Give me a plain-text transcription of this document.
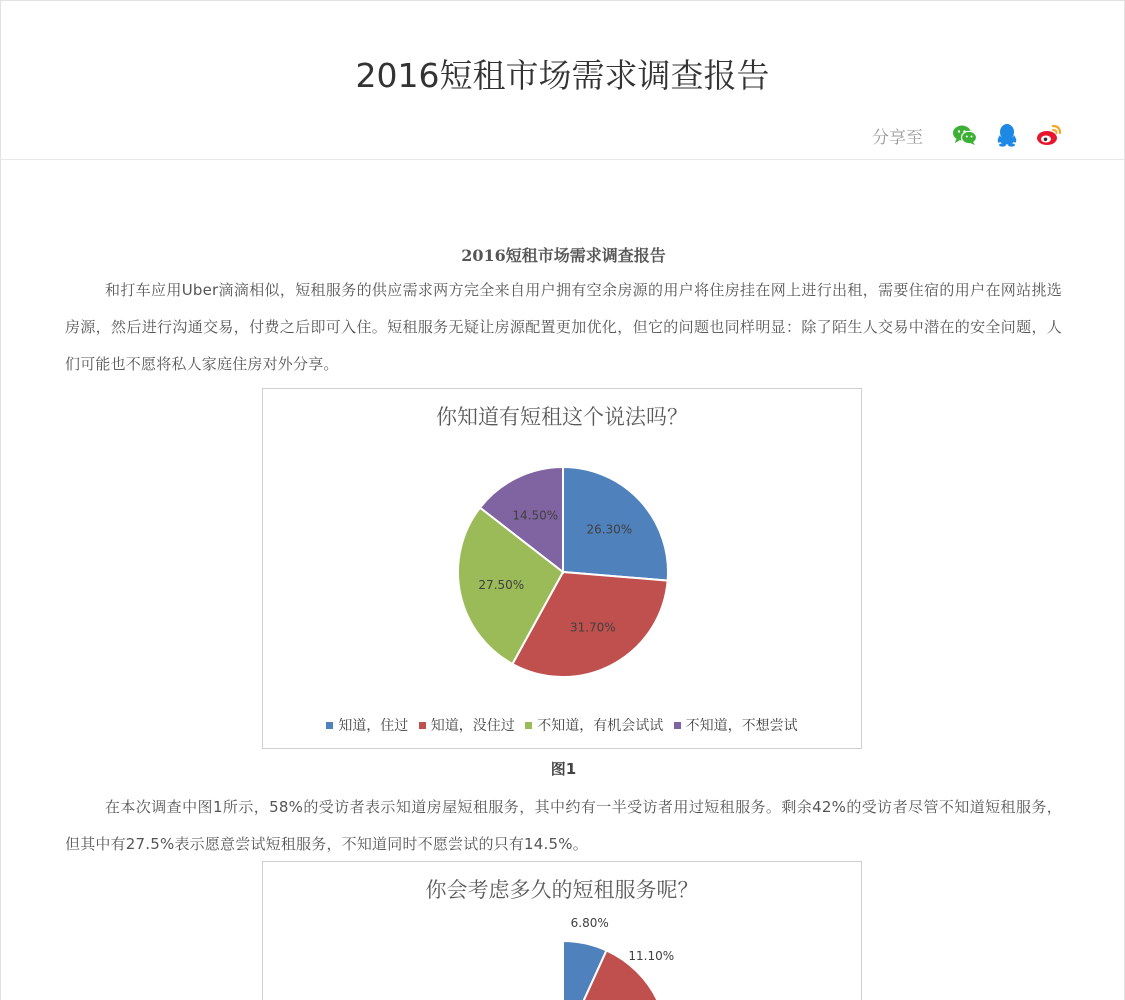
2016短租市场需求调查报告
分享至
2016短租市场需求调查报告

和打车应用Uber滴滴相似，短租服务的供应需求两方完全来自用户拥有空余房源的用户将住房挂在网上进行出租，需要住宿的用户在网站挑选房源，然后进行沟通交易，付费之后即可入住。短租服务无疑让房源配置更加优化，但它的问题也同样明显：除了陌生人交易中潜在的安全问题，人们可能也不愿将私人家庭住房对外分享。

你知道有短租这个说法吗？
26.30%
31.70%
27.50%
14.50%
知道，住过
知道，没住过
不知道，有机会试试
不知道，不想尝试
图1

在本次调查中图1所示，58%的受访者表示知道房屋短租服务，其中约有一半受访者用过短租服务。剩余42%的受访者尽管不知道短租服务，但其中有27.5%表示愿意尝试短租服务，不知道同时不愿尝试的只有14.5%。

你会考虑多久的短租服务呢？
6.80%
11.10%
